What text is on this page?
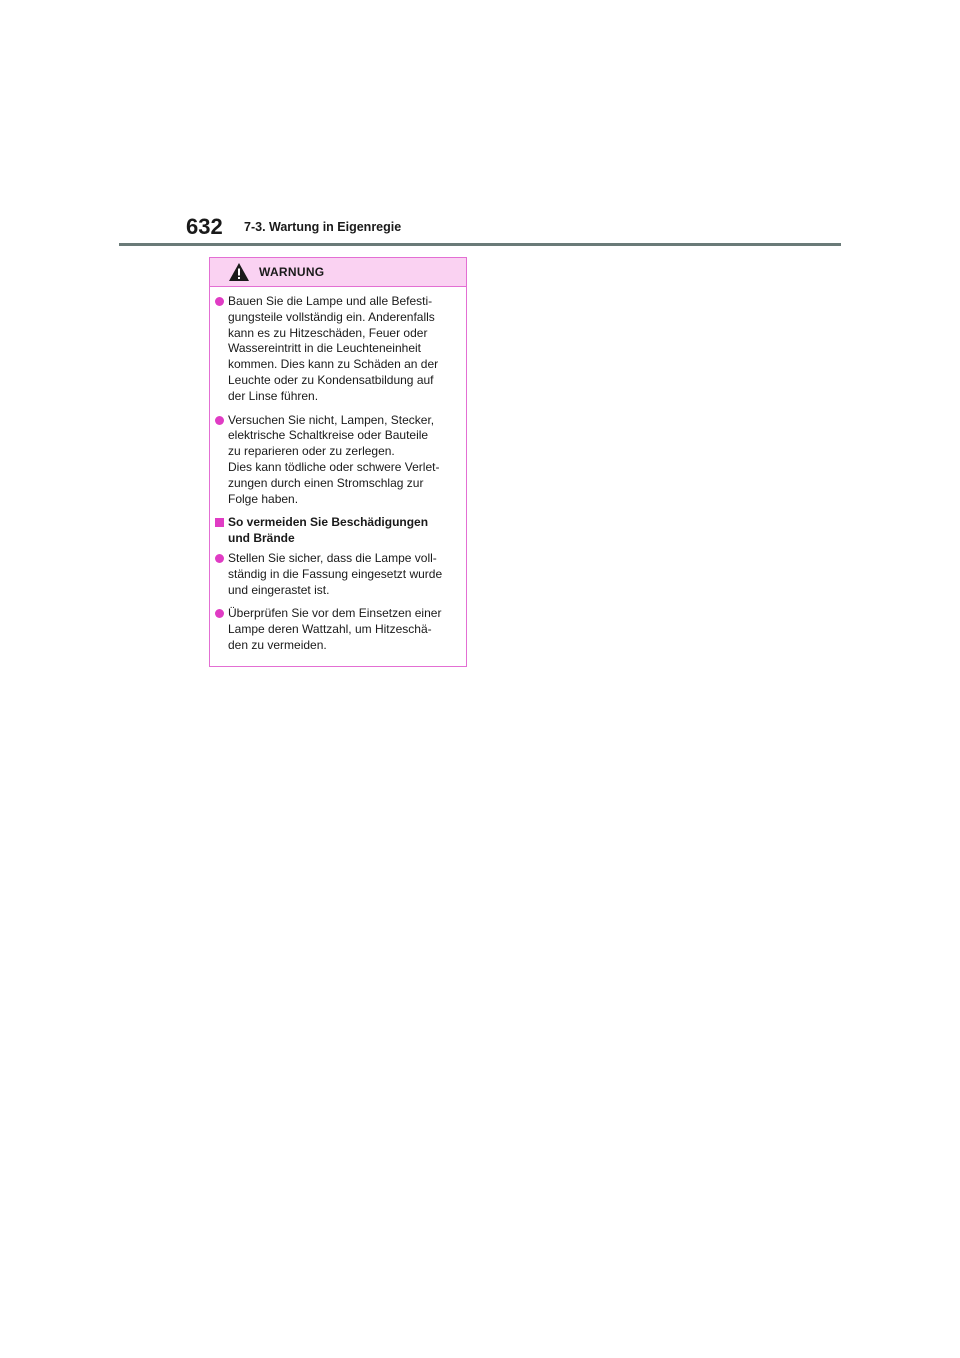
632 7-3. Wartung in Eigenregie
WARNUNG
Bauen Sie die Lampe und alle Befesti-
gungsteile vollständig ein. Anderenfalls
kann es zu Hitzeschäden, Feuer oder
Wassereintritt in die Leuchteneinheit
kommen. Dies kann zu Schäden an der
Leuchte oder zu Kondensatbildung auf
der Linse führen.
Versuchen Sie nicht, Lampen, Stecker,
elektrische Schaltkreise oder Bauteile
zu reparieren oder zu zerlegen.
Dies kann tödliche oder schwere Verlet-
zungen durch einen Stromschlag zur
Folge haben.
So vermeiden Sie Beschädigungen
und Brände
Stellen Sie sicher, dass die Lampe voll-
ständig in die Fassung eingesetzt wurde
und eingerastet ist.
Überprüfen Sie vor dem Einsetzen einer
Lampe deren Wattzahl, um Hitzeschä-
den zu vermeiden.
